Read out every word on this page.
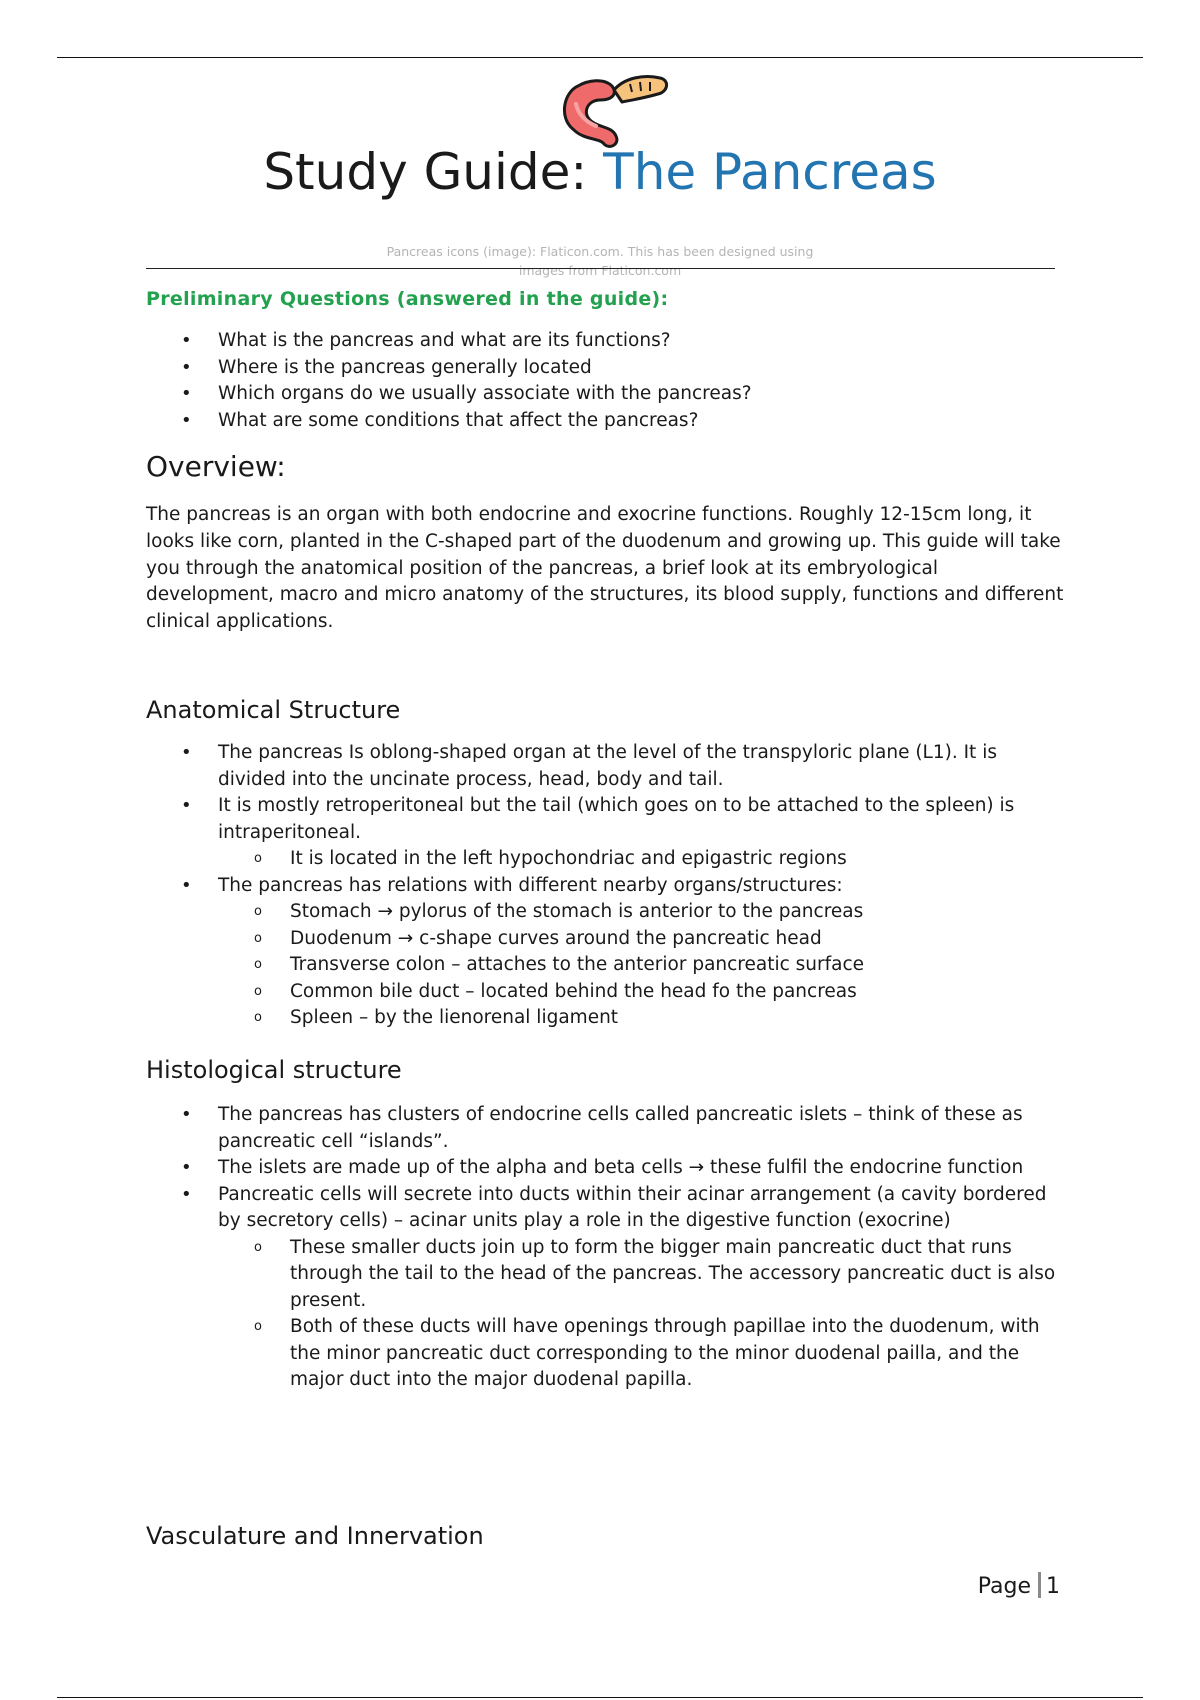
Study Guide: The Pancreas
Pancreas icons (image): Flaticon.com. This has been designed using images from Flaticon.com
Preliminary Questions (answered in the guide):
• What is the pancreas and what are its functions?
• Where is the pancreas generally located
• Which organs do we usually associate with the pancreas?
• What are some conditions that affect the pancreas?
Overview:
The pancreas is an organ with both endocrine and exocrine functions. Roughly 12-15cm long, it looks like corn, planted in the C-shaped part of the duodenum and growing up. This guide will take you through the anatomical position of the pancreas, a brief look at its embryological development, macro and micro anatomy of the structures, its blood supply, functions and different clinical applications.
Anatomical Structure
• The pancreas Is oblong-shaped organ at the level of the transpyloric plane (L1). It is divided into the uncinate process, head, body and tail.
• It is mostly retroperitoneal but the tail (which goes on to be attached to the spleen) is intraperitoneal.
o It is located in the left hypochondriac and epigastric regions
• The pancreas has relations with different nearby organs/structures:
o Stomach → pylorus of the stomach is anterior to the pancreas
o Duodenum → c-shape curves around the pancreatic head
o Transverse colon – attaches to the anterior pancreatic surface
o Common bile duct – located behind the head fo the pancreas
o Spleen – by the lienorenal ligament
Histological structure
• The pancreas has clusters of endocrine cells called pancreatic islets – think of these as pancreatic cell “islands”.
• The islets are made up of the alpha and beta cells → these fulfil the endocrine function
• Pancreatic cells will secrete into ducts within their acinar arrangement (a cavity bordered by secretory cells) – acinar units play a role in the digestive function (exocrine)
o These smaller ducts join up to form the bigger main pancreatic duct that runs through the tail to the head of the pancreas. The accessory pancreatic duct is also present.
o Both of these ducts will have openings through papillae into the duodenum, with the minor pancreatic duct corresponding to the minor duodenal pailla, and the major duct into the major duodenal papilla.
Vasculature and Innervation
Page 1
